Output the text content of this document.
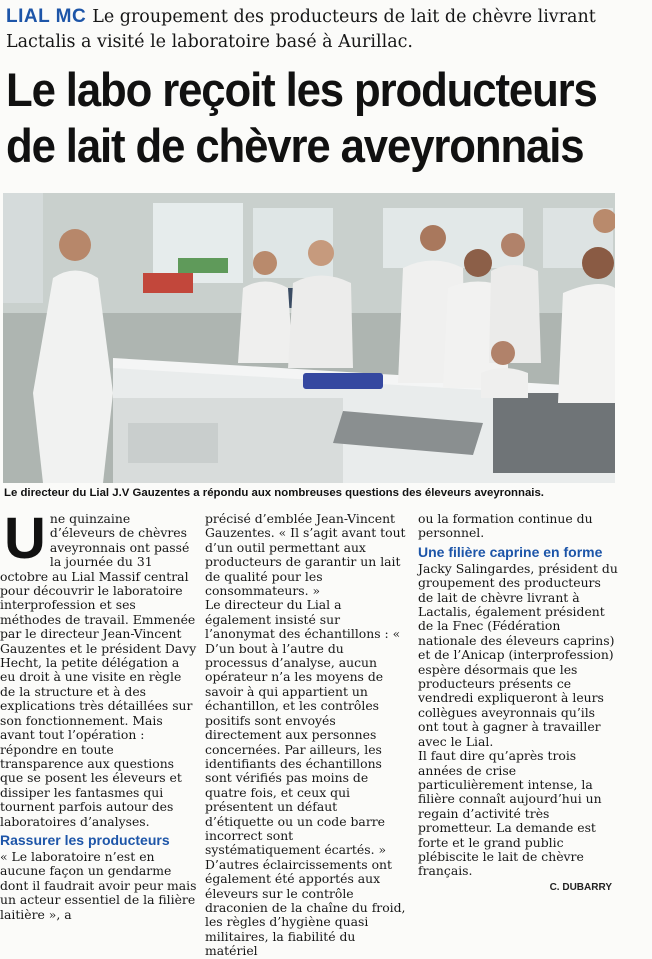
LIAL MC Le groupement des producteurs de lait de chèvre livrant Lactalis a visité le laboratoire basé à Aurillac.
Le labo reçoit les producteurs
de lait de chèvre aveyronnais
Le directeur du Lial J.V Gauzentes a répondu aux nombreuses questions des éleveurs aveyronnais.
U ne quinzaine d’éleveurs de chèvres aveyronnais ont passé la journée du 31 octobre au Lial Massif central pour découvrir le laboratoire interprofession et ses méthodes de travail. Emmenée par le directeur Jean-Vincent Gauzentes et le président Davy Hecht, la petite délégation a eu droit à une visite en règle de la structure et à des explications très détaillées sur son fonctionnement. Mais avant tout l’opération : répondre en toute transparence aux questions que se posent les éleveurs et dissiper les fantasmes qui tournent parfois autour des laboratoires d’analyses.

Rassurer les producteurs

« Le laboratoire n’est en aucune façon un gendarme dont il faudrait avoir peur mais un acteur essentiel de la filière laitière », a

précisé d’emblée Jean-Vincent Gauzentes. « Il s’agit avant tout d’un outil permettant aux producteurs de garantir un lait de qualité pour les consommateurs. »

Le directeur du Lial a également insisté sur l’anonymat des échantillons : « D’un bout à l’autre du processus d’analyse, aucun opérateur n’a les moyens de savoir à qui appartient un échantillon, et les contrôles positifs sont envoyés directement aux personnes concernées. Par ailleurs, les identifiants des échantillons sont vérifiés pas moins de quatre fois, et ceux qui présentent un défaut d’étiquette ou un code barre incorrect sont systématiquement écartés. » D’autres éclaircissements ont également été apportés aux éleveurs sur le contrôle draconien de la chaîne du froid, les règles d’hygiène quasi militaires, la fiabilité du matériel

ou la formation continue du personnel.

Une filière caprine en forme

Jacky Salingardes, président du groupement des producteurs de lait de chèvre livrant à Lactalis, également président de la Fnec (Fédération nationale des éleveurs caprins) et de l’Anicap (interprofession) espère désormais que les producteurs présents ce vendredi expliqueront à leurs collègues aveyronnais qu’ils ont tout à gagner à travailler avec le Lial.

Il faut dire qu’après trois années de crise particulièrement intense, la filière connaît aujourd’hui un regain d’activité très prometteur. La demande est forte et le grand public plébiscite le lait de chèvre français.

C. DUBARRY
